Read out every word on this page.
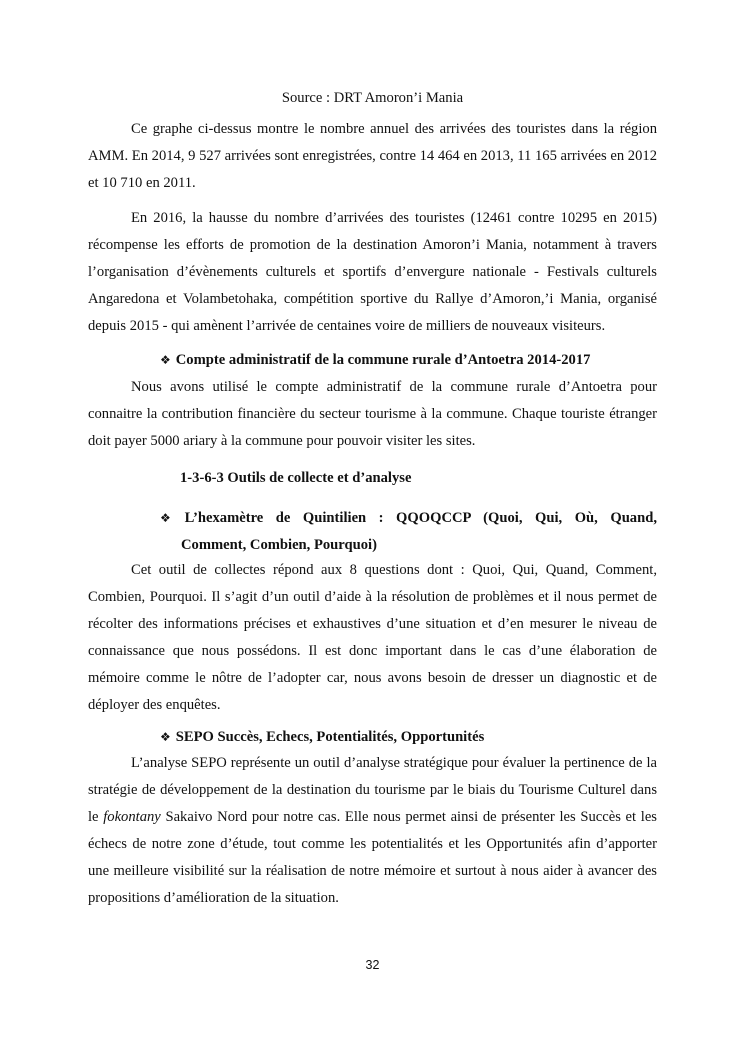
Source : DRT Amoron’i Mania

Ce graphe ci-dessus montre le nombre annuel des arrivées des touristes dans la région AMM. En 2014, 9 527 arrivées sont enregistrées, contre 14 464 en 2013, 11 165 arrivées en 2012 et 10 710 en 2011.

En 2016, la hausse du nombre d’arrivées des touristes (12461 contre 10295 en 2015) récompense les efforts de promotion de la destination Amoron’i Mania, notamment à travers l’organisation d’évènements culturels et sportifs d’envergure nationale - Festivals culturels Angaredona et Volambetohaka, compétition sportive du Rallye d’Amoron,’i Mania, organisé depuis 2015 - qui amènent l’arrivée de centaines voire de milliers de nouveaux visiteurs.

❖ Compte administratif de la commune rurale d’Antoetra 2014-2017

Nous avons utilisé le compte administratif de la commune rurale d’Antoetra pour connaitre la contribution financière du secteur tourisme à la commune. Chaque touriste étranger doit payer 5000 ariary à la commune pour pouvoir visiter les sites.

1-3-6-3 Outils de collecte et d’analyse
❖ L’hexamètre de Quintilien : QQOQCCP (Quoi, Qui, Où, Quand,
Comment, Combien, Pourquoi)

Cet outil de collectes répond aux 8 questions dont : Quoi, Qui, Quand, Comment, Combien, Pourquoi. Il s’agit d’un outil d’aide à la résolution de problèmes et il nous permet de récolter des informations précises et exhaustives d’une situation et d’en mesurer le niveau de connaissance que nous possédons. Il est donc important dans le cas d’une élaboration de mémoire comme le nôtre de l’adopter car, nous avons besoin de dresser un diagnostic et de déployer des enquêtes.

❖ SEPO Succès, Echecs, Potentialités, Opportunités

L’analyse SEPO représente un outil d’analyse stratégique pour évaluer la pertinence de la stratégie de développement de la destination du tourisme par le biais du Tourisme Culturel dans le fokontany Sakaivo Nord pour notre cas. Elle nous permet ainsi de présenter les Succès et les échecs de notre zone d’étude, tout comme les potentialités et les Opportunités afin d’apporter une meilleure visibilité sur la réalisation de notre mémoire et surtout à nous aider à avancer des propositions d’amélioration de la situation.

32
